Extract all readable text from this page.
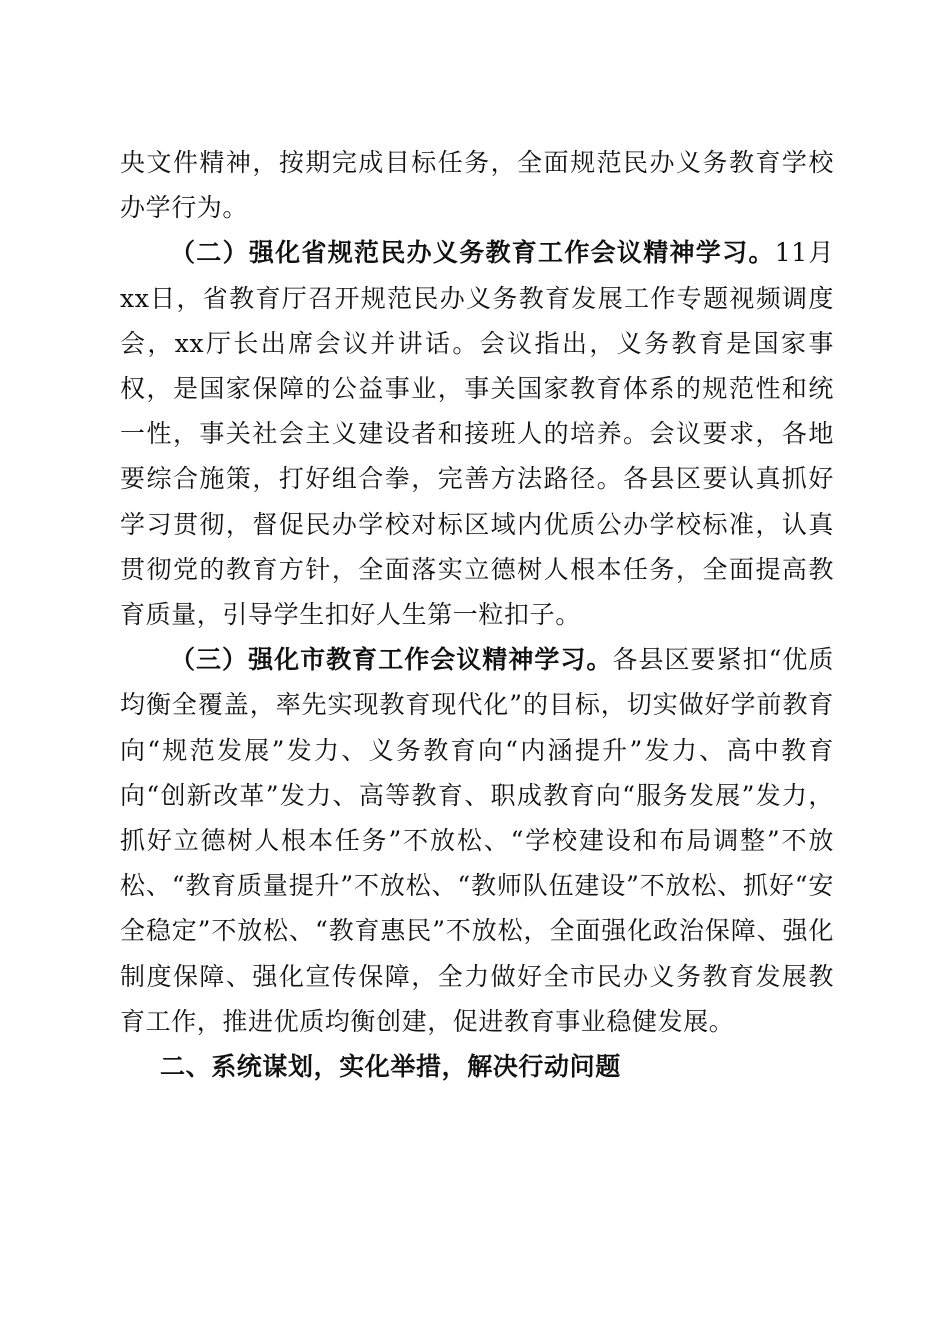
央文件精神，按期完成目标任务，全面规范民办义务教育学校办学行为。

（二）强化省规范民办义务教育工作会议精神学习。11月xx日，省教育厅召开规范民办义务教育发展工作专题视频调度会，xx厅长出席会议并讲话。会议指出，义务教育是国家事权，是国家保障的公益事业，事关国家教育体系的规范性和统一性，事关社会主义建设者和接班人的培养。会议要求，各地要综合施策，打好组合拳，完善方法路径。各县区要认真抓好学习贯彻，督促民办学校对标区域内优质公办学校标准，认真贯彻党的教育方针，全面落实立德树人根本任务，全面提高教育质量，引导学生扣好人生第一粒扣子。

（三）强化市教育工作会议精神学习。各县区要紧扣“优质均衡全覆盖，率先实现教育现代化”的目标，切实做好学前教育向“规范发展”发力、义务教育向“内涵提升”发力、高中教育向“创新改革”发力、高等教育、职成教育向“服务发展”发力，抓好立德树人根本任务”不放松、“学校建设和布局调整”不放松、“教育质量提升”不放松、“教师队伍建设”不放松、抓好“安全稳定”不放松、“教育惠民”不放松，全面强化政治保障、强化制度保障、强化宣传保障，全力做好全市民办义务教育发展教育工作，推进优质均衡创建，促进教育事业稳健发展。

二、系统谋划，实化举措，解决行动问题
